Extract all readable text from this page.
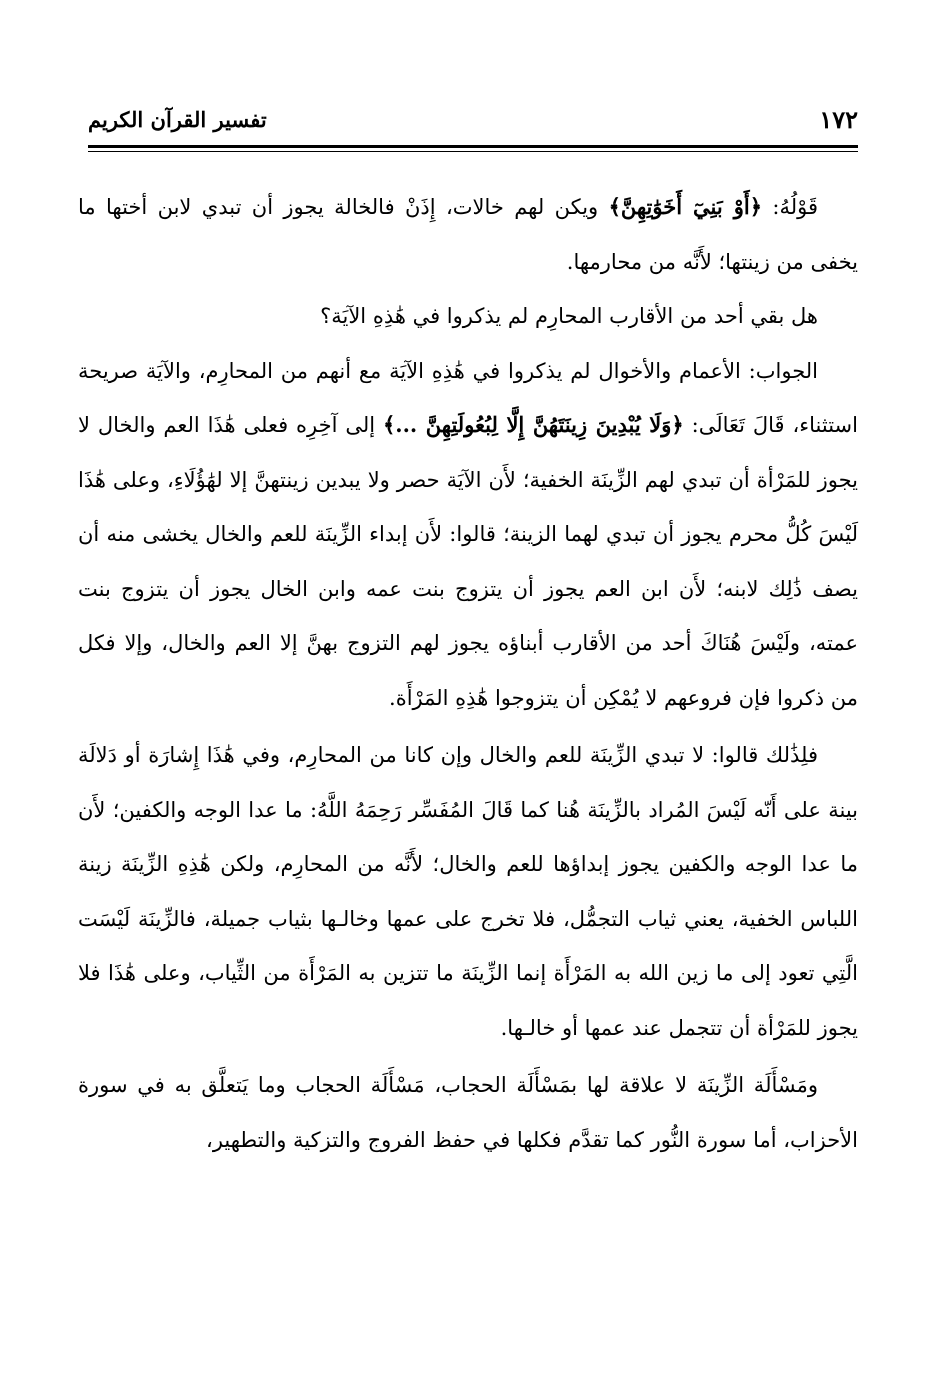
تفسير القرآن الكريم	١٧٢

قَوْلُهُ: ﴿أَوْ بَنِيٓ أَخَوَٰتِهِنَّ﴾ ويكن لهم خالات، إِذَنْ فالخالة يجوز أن تبدي لابن أختها ما يخفى من زينتها؛ لأَنَّه من محارمها.

هل بقي أحد من الأقارب المحارِم لم يذكروا في هَٰذِهِ الآيَة؟

الجواب: الأعمام والأخوال لم يذكروا في هَٰذِهِ الآيَة مع أنهم من المحارِم، والآيَة صريحة استثناء، قَالَ تَعَالَى: ﴿وَلَا يُبْدِينَ زِينَتَهُنَّ إِلَّا لِبُعُولَتِهِنَّ ...﴾ إلى آخِرِه فعلى هَٰذَا العم والخال لا يجوز للمَرْأة أن تبدي لهم الزِّينَة الخفية؛ لأَن الآيَة حصر ولا يبدين زينتهنَّ إلا لهَٰؤُلَاءِ، وعلى هَٰذَا لَيْسَ كُلُّ محرم يجوز أن تبدي لهما الزينة؛ قالوا: لأَن إبداء الزِّينَة للعم والخال يخشى منه أن يصف ذَٰلِك لابنه؛ لأَن ابن العم يجوز أن يتزوج بنت عمه وابن الخال يجوز أن يتزوج بنت عمته، ولَيْسَ هُنَاكَ أحد من الأقارب أبناؤه يجوز لهم التزوج بهنَّ إلا العم والخال، وإلا فكل من ذكروا فإن فروعهم لا يُمْكِن أن يتزوجوا هَٰذِهِ المَرْأَة.

فلِذَٰلك قالوا: لا تبدي الزِّينَة للعم والخال وإن كانا من المحارِم، وفي هَٰذَا إِشارَة أو دَلالَة بينة على أَنّه لَيْسَ المُراد بالزِّينَة هُنا كما قَالَ المُفَسِّر رَحِمَهُ اللَّهُ: ما عدا الوجه والكفين؛ لأَن ما عدا الوجه والكفين يجوز إبداؤها للعم والخال؛ لأَنَّه من المحارِم، ولكن هَٰذِهِ الزِّينَة زينة اللباس الخفية، يعني ثياب التجمُّل، فلا تخرج على عمها وخالـها بثياب جميلة، فالزِّينَة لَيْسَت الَّتِي تعود إلى ما زين الله به المَرْأَة إنما الزِّينَة ما تتزين به المَرْأَة من الثِّياب، وعلى هَٰذَا فلا يجوز للمَرْأة أن تتجمل عند عمها أو خالـها.

ومَسْأَلَة الزِّينَة لا علاقة لها بمَسْأَلَة الحجاب، مَسْأَلَة الحجاب وما يَتعلَّق به في سورة الأحزاب، أما سورة النُّور كما تقدَّم فكلها في حفظ الفروج والتزكية والتطهير،
